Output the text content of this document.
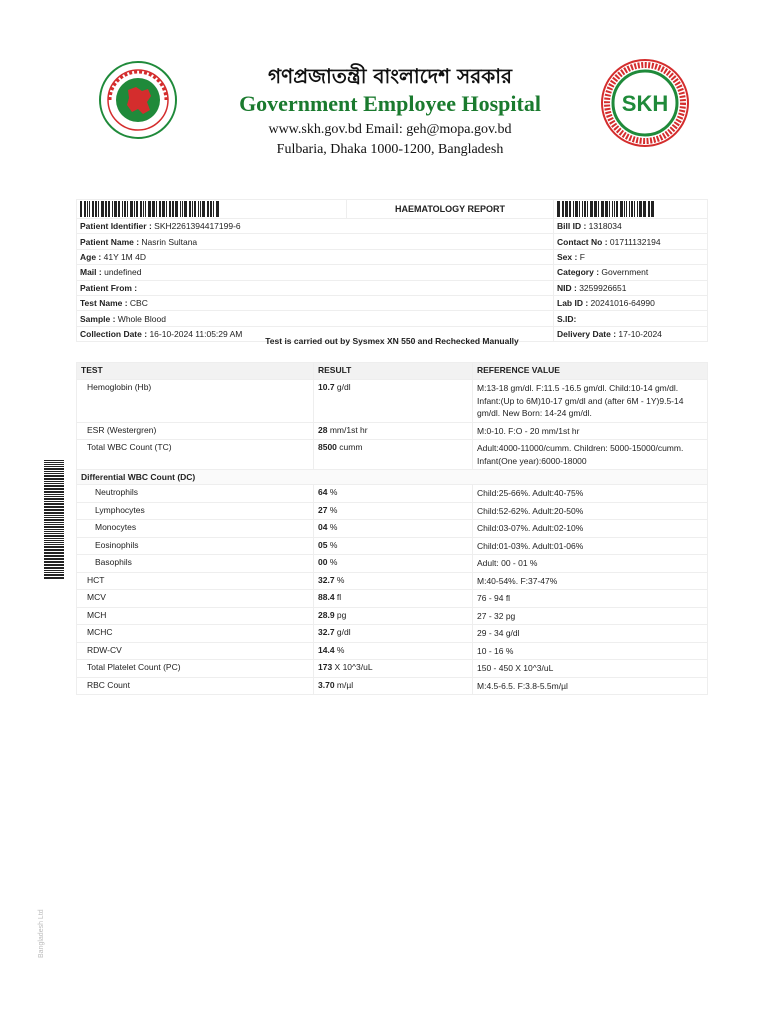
গণপ্রজাতন্ত্রী বাংলাদেশ সরকার
Government Employee Hospital
www.skh.gov.bd Email: geh@mopa.gov.bd
Fulbaria, Dhaka 1000-1200, Bangladesh
SKH
	HAEMATOLOGY REPORT	
Patient Identifier : SKH2261394417199-6		Bill ID : 1318034
Patient Name : Nasrin Sultana		Contact No : 01711132194
Age : 41Y 1M 4D		Sex : F
Mail : undefined		Category : Government
Patient From :		NID : 3259926651
Test Name : CBC		Lab ID : 20241016-64990
Sample : Whole Blood		S.ID:
Collection Date : 16-10-2024 11:05:29 AM		Delivery Date : 17-10-2024
Test is carried out by Sysmex XN 550 and Rechecked Manually
TEST	RESULT	REFERENCE VALUE
Hemoglobin (Hb)	10.7 g/dl	M:13-18 gm/dl. F:11.5 -16.5 gm/dl. Child:10-14 gm/dl. Infant:(Up to 6M)10-17 gm/dl and (after 6M - 1Y)9.5-14 gm/dl. New Born: 14-24 gm/dl.
ESR (Westergren)	28 mm/1st hr	M:0-10. F:O - 20 mm/1st hr
Total WBC Count (TC)	8500 cumm	Adult:4000-11000/cumm. Children: 5000-15000/cumm. Infant(One year):6000-18000
Differential WBC Count (DC)		
Neutrophils	64 %	Child:25-66%. Adult:40-75%
Lymphocytes	27 %	Child:52-62%. Adult:20-50%
Monocytes	04 %	Child:03-07%. Adult:02-10%
Eosinophils	05 %	Child:01-03%. Adult:01-06%
Basophils	00 %	Adult: 00 - 01 %
HCT	32.7 %	M:40-54%. F:37-47%
MCV	88.4 fl	76 - 94 fl
MCH	28.9 pg	27 - 32 pg
MCHC	32.7 g/dl	29 - 34 g/dl
RDW-CV	14.4 %	10 - 16 %
Total Platelet Count (PC)	173 X 10^3/uL	150 - 450 X 10^3/uL
RBC Count	3.70 m/µl	M:4.5-6.5. F:3.8-5.5m/µl
Bangladesh Ltd
